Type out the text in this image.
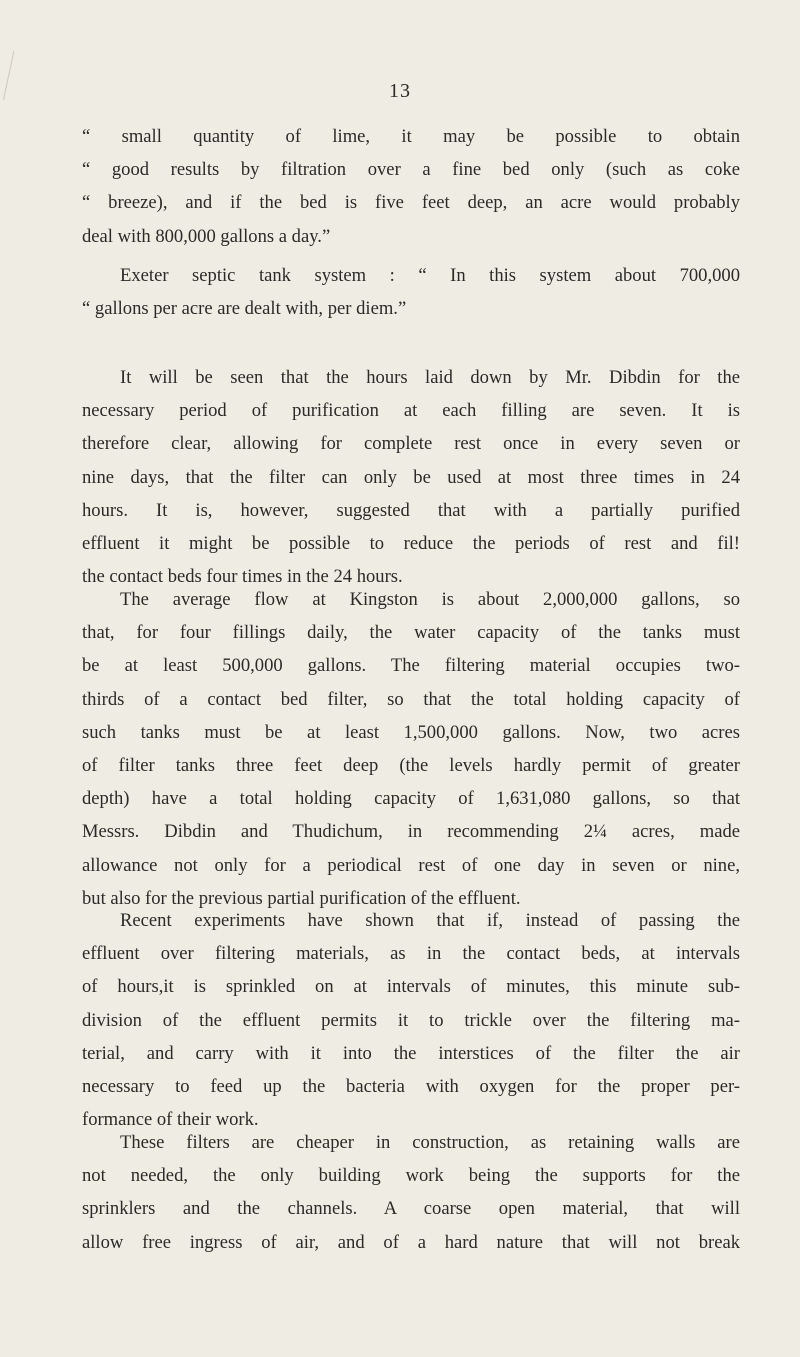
13
“ small quantity of lime, it may be possible to obtain
“ good results by filtration over a fine bed only (such as coke
“ breeze), and if the bed is five feet deep, an acre would probably
deal with 800,000 gallons a day.”
Exeter septic tank system : “ In this system about 700,000
“ gallons per acre are dealt with, per diem.”
It will be seen that the hours laid down by Mr. Dibdin for the
necessary period of purification at each filling are seven. It is
therefore clear, allowing for complete rest once in every seven or
nine days, that the filter can only be used at most three times in 24
hours. It is, however, suggested that with a partially purified
effluent it might be possible to reduce the periods of rest and fil!
the contact beds four times in the 24 hours.
The average flow at Kingston is about 2,000,000 gallons, so
that, for four fillings daily, the water capacity of the tanks must
be at least 500,000 gallons. The filtering material occupies two-
thirds of a contact bed filter, so that the total holding capacity of
such tanks must be at least 1,500,000 gallons. Now, two acres
of filter tanks three feet deep (the levels hardly permit of greater
depth) have a total holding capacity of 1,631,080 gallons, so that
Messrs. Dibdin and Thudichum, in recommending 2¼ acres, made
allowance not only for a periodical rest of one day in seven or nine,
but also for the previous partial purification of the effluent.
Recent experiments have shown that if, instead of passing the
effluent over filtering materials, as in the contact beds, at intervals
of hours,it is sprinkled on at intervals of minutes, this minute sub-
division of the effluent permits it to trickle over the filtering ma-
terial, and carry with it into the interstices of the filter the air
necessary to feed up the bacteria with oxygen for the proper per-
formance of their work.
These filters are cheaper in construction, as retaining walls are
not needed, the only building work being the supports for the
sprinklers and the channels. A coarse open material, that will
allow free ingress of air, and of a hard nature that will not break
